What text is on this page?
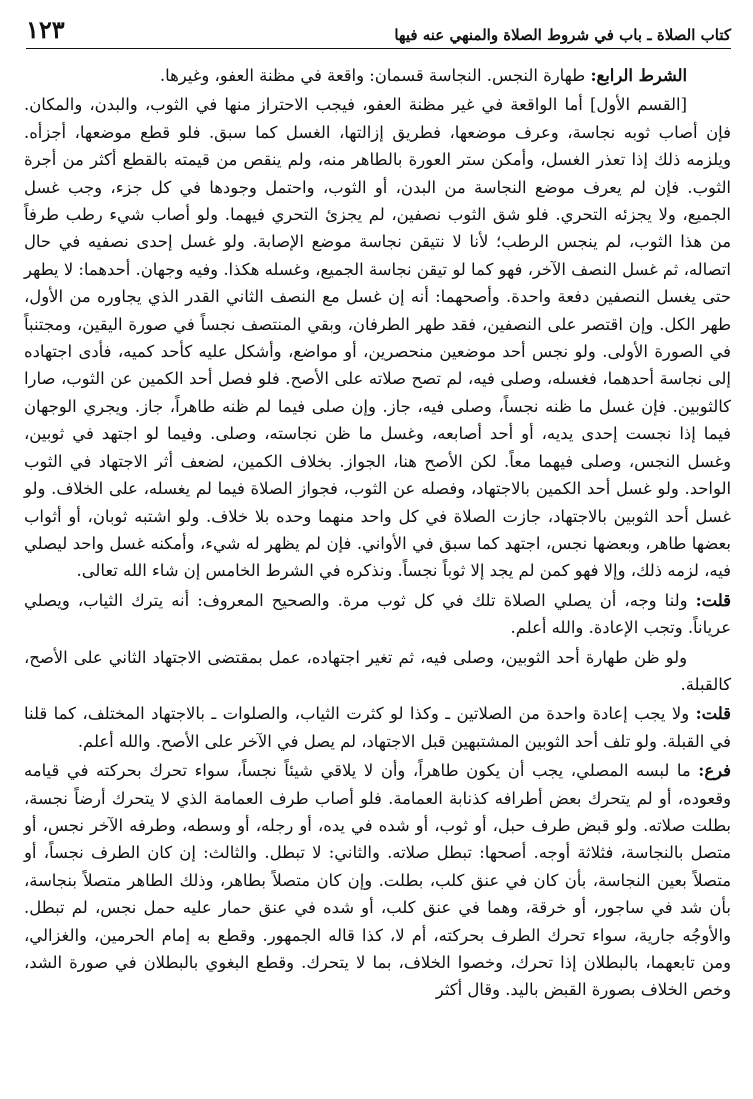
كتاب الصلاة ـ باب في شروط الصلاة والمنهي عنه فيها
١٢٣

الشرط الرابع: طهارة النجس. النجاسة قسمان: واقعة في مظنة العفو، وغيرها.

[القسم الأول] أما الواقعة في غير مظنة العفو، فيجب الاحتراز منها في الثوب، والبدن، والمكان. فإن أصاب ثوبه نجاسة، وعرف موضعها، فطريق إزالتها، الغسل كما سبق. فلو قطع موضعها، أجزأه. ويلزمه ذلك إذا تعذر الغسل، وأمكن ستر العورة بالطاهر منه، ولم ينقص من قيمته بالقطع أكثر من أجرة الثوب. فإن لم يعرف موضع النجاسة من البدن، أو الثوب، واحتمل وجودها في كل جزء، وجب غسل الجميع، ولا يجزئه التحري. فلو شق الثوب نصفين، لم يجزئ التحري فيهما. ولو أصاب شيء رطب طرفاً من هذا الثوب، لم ينجس الرطب؛ لأنا لا نتيقن نجاسة موضع الإصابة. ولو غسل إحدى نصفيه في حال اتصاله، ثم غسل النصف الآخر، فهو كما لو تيقن نجاسة الجميع، وغسله هكذا. وفيه وجهان. أحدهما: لا يطهر حتى يغسل النصفين دفعة واحدة. وأصحهما: أنه إن غسل مع النصف الثاني القدر الذي يجاوره من الأول، طهر الكل. وإن اقتصر على النصفين، فقد طهر الطرفان، وبقي المنتصف نجساً في صورة اليقين، ومجتنباً في الصورة الأولى. ولو نجس أحد موضعين منحصرين، أو مواضع، وأشكل عليه كأحد كميه، فأدى اجتهاده إلى نجاسة أحدهما، فغسله، وصلى فيه، لم تصح صلاته على الأصح. فلو فصل أحد الكمين عن الثوب، صارا كالثوبين. فإن غسل ما ظنه نجساً، وصلى فيه، جاز. وإن صلى فيما لم ظنه طاهراً، جاز. ويجري الوجهان فيما إذا نجست إحدى يديه، أو أحد أصابعه، وغسل ما ظن نجاسته، وصلى. وفيما لو اجتهد في ثوبين، وغسل النجس، وصلى فيهما معاً. لكن الأصح هنا، الجواز. بخلاف الكمين، لضعف أثر الاجتهاد في الثوب الواحد. ولو غسل أحد الكمين بالاجتهاد، وفصله عن الثوب، فجواز الصلاة فيما لم يغسله، على الخلاف. ولو غسل أحد الثوبين بالاجتهاد، جازت الصلاة في كل واحد منهما وحده بلا خلاف. ولو اشتبه ثوبان، أو أثواب بعضها طاهر، وبعضها نجس، اجتهد كما سبق في الأواني. فإن لم يظهر له شيء، وأمكنه غسل واحد ليصلي فيه، لزمه ذلك، وإلا فهو كمن لم يجد إلا ثوباً نجساً. ونذكره في الشرط الخامس إن شاء الله تعالى.

قلت: ولنا وجه، أن يصلي الصلاة تلك في كل ثوب مرة. والصحيح المعروف: أنه يترك الثياب، ويصلي عرياناً. وتجب الإعادة. والله أعلم.

ولو ظن طهارة أحد الثوبين، وصلى فيه، ثم تغير اجتهاده، عمل بمقتضى الاجتهاد الثاني على الأصح، كالقبلة.

قلت: ولا يجب إعادة واحدة من الصلاتين ـ وكذا لو كثرت الثياب، والصلوات ـ بالاجتهاد المختلف، كما قلنا في القبلة. ولو تلف أحد الثوبين المشتبهين قبل الاجتهاد، لم يصل في الآخر على الأصح. والله أعلم.

فرع: ما لبسه المصلي، يجب أن يكون طاهراً، وأن لا يلاقي شيئاً نجساً، سواء تحرك بحركته في قيامه وقعوده، أو لم يتحرك بعض أطرافه كذنابة العمامة. فلو أصاب طرف العمامة الذي لا يتحرك أرضاً نجسة، بطلت صلاته. ولو قبض طرف حبل، أو ثوب، أو شده في يده، أو رجله، أو وسطه، وطرفه الآخر نجس، أو متصل بالنجاسة، فثلاثة أوجه. أصحها: تبطل صلاته. والثاني: لا تبطل. والثالث: إن كان الطرف نجساً، أو متصلاً بعين النجاسة، بأن كان في عنق كلب، بطلت. وإن كان متصلاً بطاهر، وذلك الطاهر متصلاً بنجاسة، بأن شد في ساجور، أو خرقة، وهما في عنق كلب، أو شده في عنق حمار عليه حمل نجس، لم تبطل. والأوجُه جارية، سواء تحرك الطرف بحركته، أم لا، كذا قاله الجمهور. وقطع به إمام الحرمين، والغزالي، ومن تابعهما، بالبطلان إذا تحرك، وخصوا الخلاف، بما لا يتحرك. وقطع البغوي بالبطلان في صورة الشد، وخص الخلاف بصورة القبض باليد. وقال أكثر
